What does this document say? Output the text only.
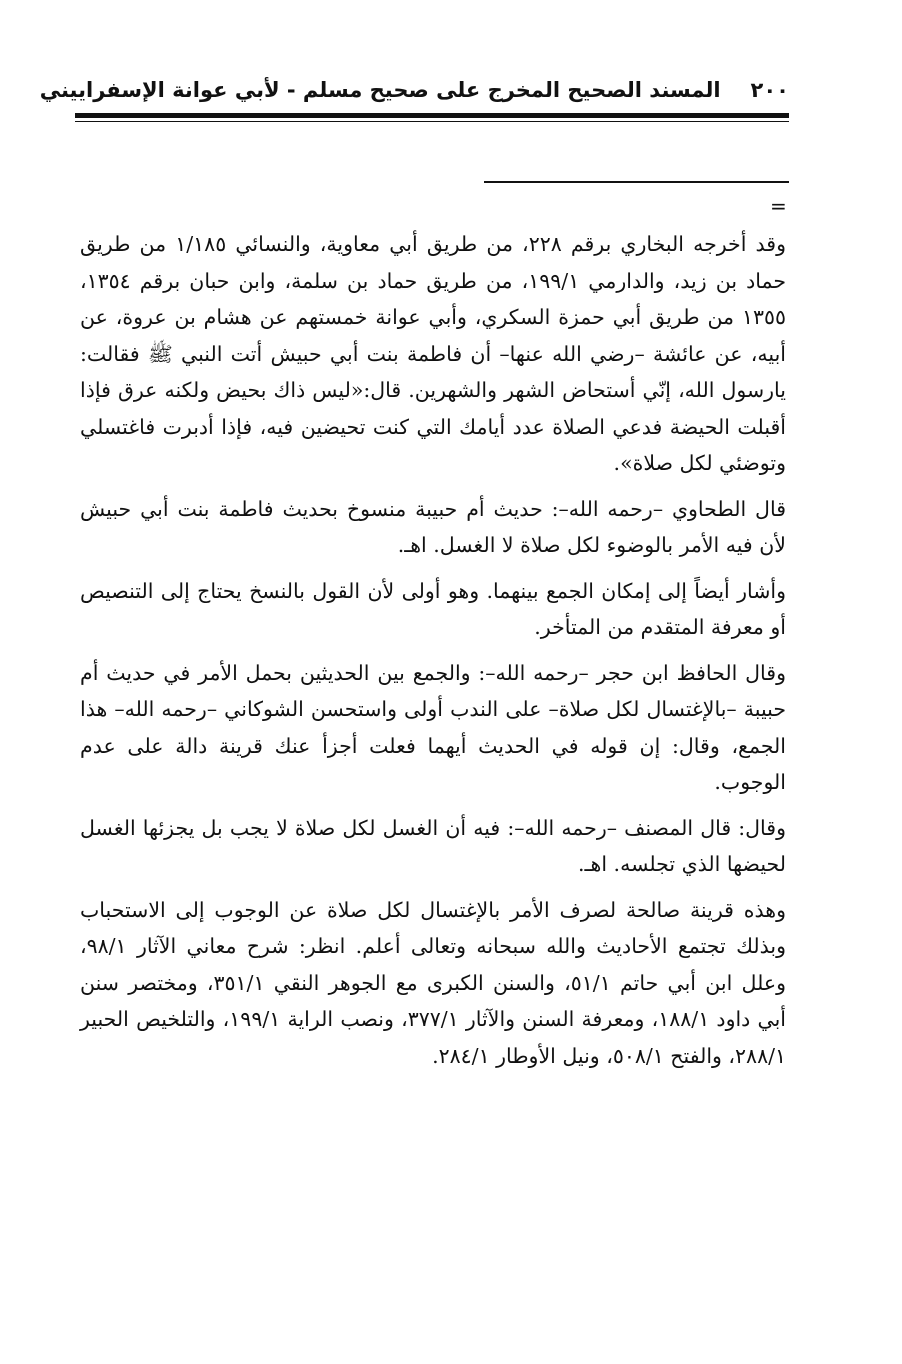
٢٠٠
المسند الصحيح المخرج على صحيح مسلم - لأبي عوانة الإسفراييني
=

وقد أخرجه البخاري برقم ٢٢٨، من طريق أبي معاوية، والنسائي ١/١٨٥ من طريق حماد بن زيد، والدارمي ١٩٩/١، من طريق حماد بن سلمة، وابن حبان برقم ١٣٥٤، ١٣٥٥ من طريق أبي حمزة السكري، وأبي عوانة خمستهم عن هشام بن عروة، عن أبيه، عن عائشة –رضي الله عنها– أن فاطمة بنت أبي حبيش أتت النبي ﷺ فقالت: يارسول الله، إنّي أستحاض الشهر والشهرين. قال:«ليس ذاك بحيض ولكنه عرق فإذا أقبلت الحيضة فدعي الصلاة عدد أيامك التي كنت تحيضين فيه، فإذا أدبرت فاغتسلي وتوضئي لكل صلاة».

قال الطحاوي –رحمه الله–: حديث أم حبيبة منسوخ بحديث فاطمة بنت أبي حبيش لأن فيه الأمر بالوضوء لكل صلاة لا الغسل. اهـ.

وأشار أيضاً إلى إمكان الجمع بينهما. وهو أولى لأن القول بالنسخ يحتاج إلى التنصيص أو معرفة المتقدم من المتأخر.

وقال الحافظ ابن حجر –رحمه الله–: والجمع بين الحديثين بحمل الأمر في حديث أم حبيبة –بالإغتسال لكل صلاة– على الندب أولى واستحسن الشوكاني –رحمه الله– هذا الجمع، وقال: إن قوله في الحديث أيهما فعلت أجزأ عنك قرينة دالة على عدم الوجوب.

وقال: قال المصنف –رحمه الله–: فيه أن الغسل لكل صلاة لا يجب بل يجزئها الغسل لحيضها الذي تجلسه. اهـ.

وهذه قرينة صالحة لصرف الأمر بالإغتسال لكل صلاة عن الوجوب إلى الاستحباب وبذلك تجتمع الأحاديث والله سبحانه وتعالى أعلم. انظر: شرح معاني الآثار ٩٨/١، وعلل ابن أبي حاتم ٥١/١، والسنن الكبرى مع الجوهر النقي ٣٥١/١، ومختصر سنن أبي داود ١٨٨/١، ومعرفة السنن والآثار ٣٧٧/١، ونصب الراية ١٩٩/١، والتلخيص الحبير ٢٨٨/١، والفتح ٥٠٨/١، ونيل الأوطار ٢٨٤/١.
